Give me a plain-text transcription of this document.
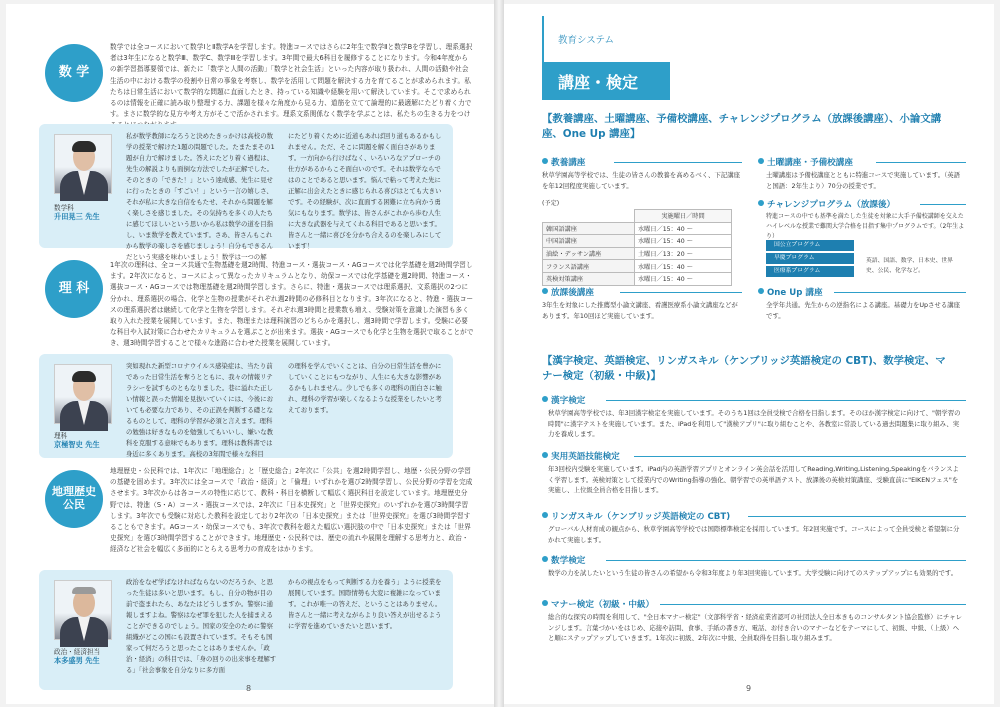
数 学
数学では全コースにおいて数学ⅠとⅡ数学Aを学習します。特進コースではさらに2年生で数学Ⅱと数学Bを学習し、理系選択者は3年生になると数学Ⅲ、数学C、数学Ⅲを学習します。3年間で最大6科目を履修することになります。今和4年度からの新学習指導要領では、新たに「数学と人間の活動」「数学と社会生活」といった内容が取り扱われ、人間の活動や社会生活の中における数学の役割や日常の事象を考察し、数学を活用して問題を解決する力を育てることが求められます。私たちは日常生活において数学的な問題に直面したとき、持っている知識や経験を用いて解決しています。そこで求められるのは情報を正確に読み取り整理する力、課題を様々な角度から見る力、道筋を立てて論理的に最適解にたどり着く力です。まさに数学的な見方や考え方がそこで活かされます。理系文系関係なく数学を学ぶことは、私たちの生きる力をつけ
数学科
升田晃三 先生
私が数学教師になろうと決めたきっかけは高校の数学の授業で解けた1題の問題でした。たまたまその1題が自力で解けました。答えにたどり着く過程は、先生の解説よりも面倒な方法でしたが正解でした。そのときの「できた！」という達成感、先生に見せに行ったときの「すごい！」という一言の嬉しさ、それが私に大きな自信をもたせ、それから問題を解く楽しさを感じました。その気持ちを多くの人たちに感じてほしいという思いから私は数学の道を目指し、いま数学を教えています。さあ、皆さんもこれから数学の楽しさを感じましょう！自分もできるんだという実感を味わいましょう！数学は一つの解
にたどり着くために近道もあれば回り道もあるかもしれません。ただ、そこに問題を解く面白さがあります。一方向から行けばなく、いろいろなアプローチの仕方があるからこそ面白いのです。それは数学ならではのことであると思います。悩んで粘って考えた先に正解に出会えたときに感じられる喜びはとても大きいです。その経験が、次に直面する困難に立ち向かう勇気にもなります。数学は、皆さんがこれから歩む人生に大きな武器を与えてくれる科目であると思います。皆さんと一緒に喜びを分かち合えるのを楽しみにしています！
理 科
1年次の理科は、全コース共通で生物基礎を週2時間、特進コース・選抜コース・AGコースでは化学基礎を週2時間学習します。2年次になると、コースによって異なったカリキュラムとなり、幼保コースでは化学基礎を週2時間、特進コース・選抜コース・AGコースでは物理基礎を週2時間学習します。さらに、特進・選抜コースでは理系選択、文系選択の2つに分かれ、理系選択の場合、化学と生物の授業がそれぞれ週2時間の必修科目となります。3年次になると、特進・選抜コースの理系選択者は継続して化学と生物を学習します。それぞれ週3時間と授業数も増え、受験対策を意識した演習も多く取り入れた授業を展開しています。また、物理または理科演習のどちらかを選択し、週3時間で学習します。受験に必要な科目や入試対策に合わせたカリキュラムを選ぶことが出来ます。選抜・AGコースでも化学と生物を選択で取ることができ、週3時間学習することで様々な進路に合わせた授業を展開しています。
理科
京極智史 先生
突如現れた新型コロナウイルス感染症は、当たり前であった日常生活を奪うとともに、我々の情報リテラシーを試すものともなりました。巷に溢れた正しい情報と誤った情報を見抜いていくには、今後においても必要な力であり、その正誤を判断する礎となるものとして、理科の学習が必須と言えます。理科の勉強は好きなものを勉強してもいいし、嫌いな教科を克服する意味でもあります。理科は教科書では身近に多くあります。高校の3年間で様々な科目
の理科を学んでいくことは、自分の日常生活を豊かにしていくことにもつながり、人生にも大きな影響があるかもしれません。少しでも多くの理科の面白さに触れ、理科の学習が楽しくなるような授業をしたいと考えております。
地理歴史
公民
地理歴史・公民科では、1年次に「地理総合」と「歴史総合」2年次に「公共」を週2時間学習し、地歴・公民分野の学習の基礎を固めます。3年次には全コースで「政治・経済」と「倫理」いずれかを選び2時間学習し、公民分野の学習を完成させます。3年次からは各コースの特性に応じて、教科・科目を横断して幅広く選択科目を設定しています。地理歴史分野では、特進（S・A）コース・選抜コースでは、2年次に「日本史探究」と「世界史探究」のいずれかを選び3時間学習します。3年次でも受験に対応した教科を設定しており2年次の「日本史探究」または「世界史探究」を選び3時間学習することもできます。AGコース・幼保コースでも、3年次で教科を超えた幅広い選択肢の中で「日本史探究」または「世界史探究」を選び3時間学習することができます。地理歴史・公民科では、歴史の流れや展開を理解する思考力と、政治・経済など社会を幅広く多面的にとらえる思考力の育成をはかります。
政治・経済担当
本多盛男 先生
政治をなぜ学ばなければならないのだろうか、と思った生徒は多いと思います。もし、自分の物が目の前で盗まれたら、あなたはどうしますか。警察に通報しますよね。警察はなぜ罪を犯した人を捕まえることができるのでしょう。国家の安全のために警察組織がどこの国にも設置されています。そもそも国家って何だろうと思ったことはありませんか。「政治・経済」の科目では、「身の回りの出来事を理解する」「社会事象を自分なりに多方面
からの視点をもって判断する力を養う」ように授業を展開しています。国際情勢も大変に複雑になっています。これが唯一の答えだ、ということはありません。皆さんと一緒に考えながらより良い答えが出せるように学習を進めていきたいと思います。
8
教育システム
講座・検定
【教養講座、土曜講座、予備校講座、チャレンジプログラム（放課後講座）、小論文講座、One Up 講座】
教養講座
秋草学園高等学校では、生徒の皆さんの教養を高めるべく、下記講座を年12回程度実施しています。
(予定)
	実施曜日／時間
韓国語講座	水曜日／15：40 〜
中国語講座	水曜日／15：40 〜
油絵・デッサン講座	土曜日／13：20 〜
フランス語講座	水曜日／15：40 〜
英検対策講座	水曜日／15：40 〜
土曜講座・予備校講座
土曜講座は予備校講座とともに特進コースで実施しています。（英語と国語：2年生より）70分の授業です。
チャレンジプログラム（放課後）
特進コースの中でも基準を満たした生徒を対象に大手予備校講師を交えたハイレベルな授業で難関大学合格を目指す集中プログラムです。（2年生より）
国公立プログラム
早慶プログラム
医療系プログラム
英語、国語、数学、日本史、世界史、公民、化学など。
放課後講座
3年生を対象にした推薦型小論文講座、看護医療系小論文講座などがあります。年10回ほど実施しています。
One Up 講座
全学年共通。先生からの逆指名による講座。基礎力をUpさせる講座です。
【漢字検定、英語検定、リンガスキル（ケンブリッジ英語検定の CBT)、数学検定、マナー検定（初級・中級)】
漢字検定
秋草学園高等学校では、年3回漢字検定を実施しています。そのうち1回は全員受検で合格を目指します。そのほか漢字検定に向けて、"朝学習の時間"に漢字テストを実施しています。また、iPadを利用して"漢検アプリ"に取り組むことや、各教室に常設している過去問題集に取り組み、実力を養成します。
実用英語技能検定
年3回校内受験を実施しています。iPad内の英語学習アプリとオンライン英会話を活用してReading,Writing,Listening,Speakingをバランスよく学習します。英検対策として授業内でのWriting指導の強化、朝学習での英単語テスト、放課後の英検対策講座、受験直前に"EIKENフェス"を実施し、上位級全員合格を目指します。
リンガスキル（ケンブリッジ英語検定の CBT)
グローバル人材育成の観点から、秋草学園高等学校では国際標準検定を採用しています。年2回実施です。コースによって全員受検と希望制に分かれて実施します。
数学検定
数学の力を試したいという生徒の皆さんの希望から令和3年度より年3回実施しています。大学受験に向けてのステップアップにも効果的です。
マナー検定（初級・中級）
総合的な探究の時間を利用して、"全日本マナー検定"（文部科学省・経済産業省認可の社団法人全日本きものコンサルタント協会監修）にチャレンジします。言葉づかいをはじめ、応接や訪問、食事、手紙の書き方、電話、お付き合いのマナーなどをテーマにして、初級、中級、（上級）へと順にステップアップしていきます。1年次に初級、2年次に中級、全員取得を目指し取り組みます。
9
